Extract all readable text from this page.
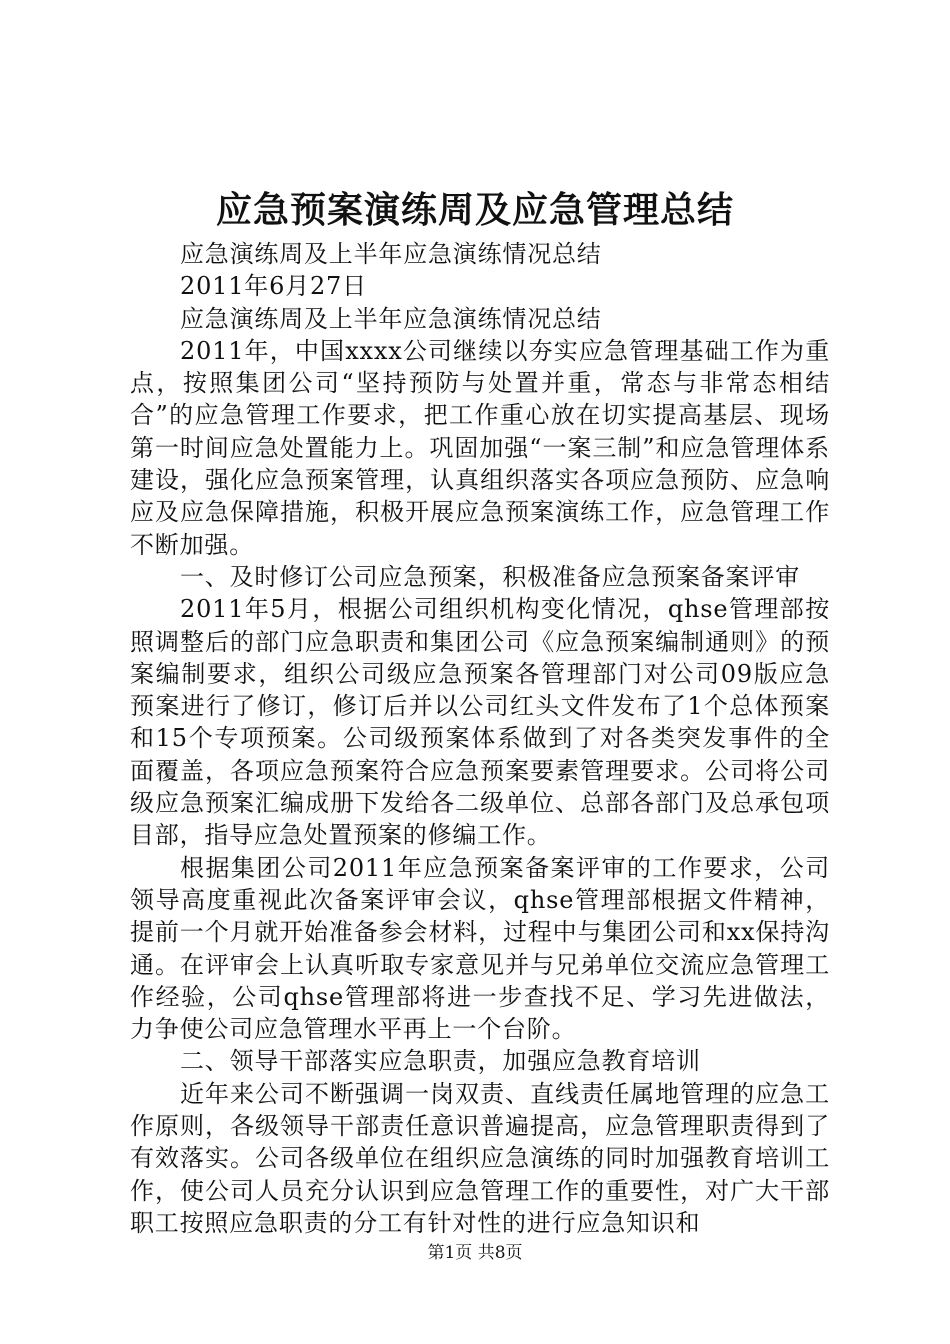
应急预案演练周及应急管理总结

应急演练周及上半年应急演练情况总结

2011年6月27日

应急演练周及上半年应急演练情况总结

2011年，中国xxxx公司继续以夯实应急管理基础工作为重点，按照集团公司“坚持预防与处置并重，常态与非常态相结合”的应急管理工作要求，把工作重心放在切实提高基层、现场第一时间应急处置能力上。巩固加强“一案三制”和应急管理体系建设，强化应急预案管理，认真组织落实各项应急预防、应急响应及应急保障措施，积极开展应急预案演练工作，应急管理工作不断加强。

一、及时修订公司应急预案，积极准备应急预案备案评审

2011年5月，根据公司组织机构变化情况，qhse管理部按照调整后的部门应急职责和集团公司《应急预案编制通则》的预案编制要求，组织公司级应急预案各管理部门对公司09版应急预案进行了修订，修订后并以公司红头文件发布了1个总体预案和15个专项预案。公司级预案体系做到了对各类突发事件的全面覆盖，各项应急预案符合应急预案要素管理要求。公司将公司级应急预案汇编成册下发给各二级单位、总部各部门及总承包项目部，指导应急处置预案的修编工作。

根据集团公司2011年应急预案备案评审的工作要求，公司领导高度重视此次备案评审会议，qhse管理部根据文件精神，提前一个月就开始准备参会材料，过程中与集团公司和xx保持沟通。在评审会上认真听取专家意见并与兄弟单位交流应急管理工作经验，公司qhse管理部将进一步查找不足、学习先进做法，力争使公司应急管理水平再上一个台阶。

二、领导干部落实应急职责，加强应急教育培训

近年来公司不断强调一岗双责、直线责任属地管理的应急工作原则，各级领导干部责任意识普遍提高，应急管理职责得到了有效落实。公司各级单位在组织应急演练的同时加强教育培训工作，使公司人员充分认识到应急管理工作的重要性，对广大干部职工按照应急职责的分工有针对性的进行应急知识和

第1页 共8页
